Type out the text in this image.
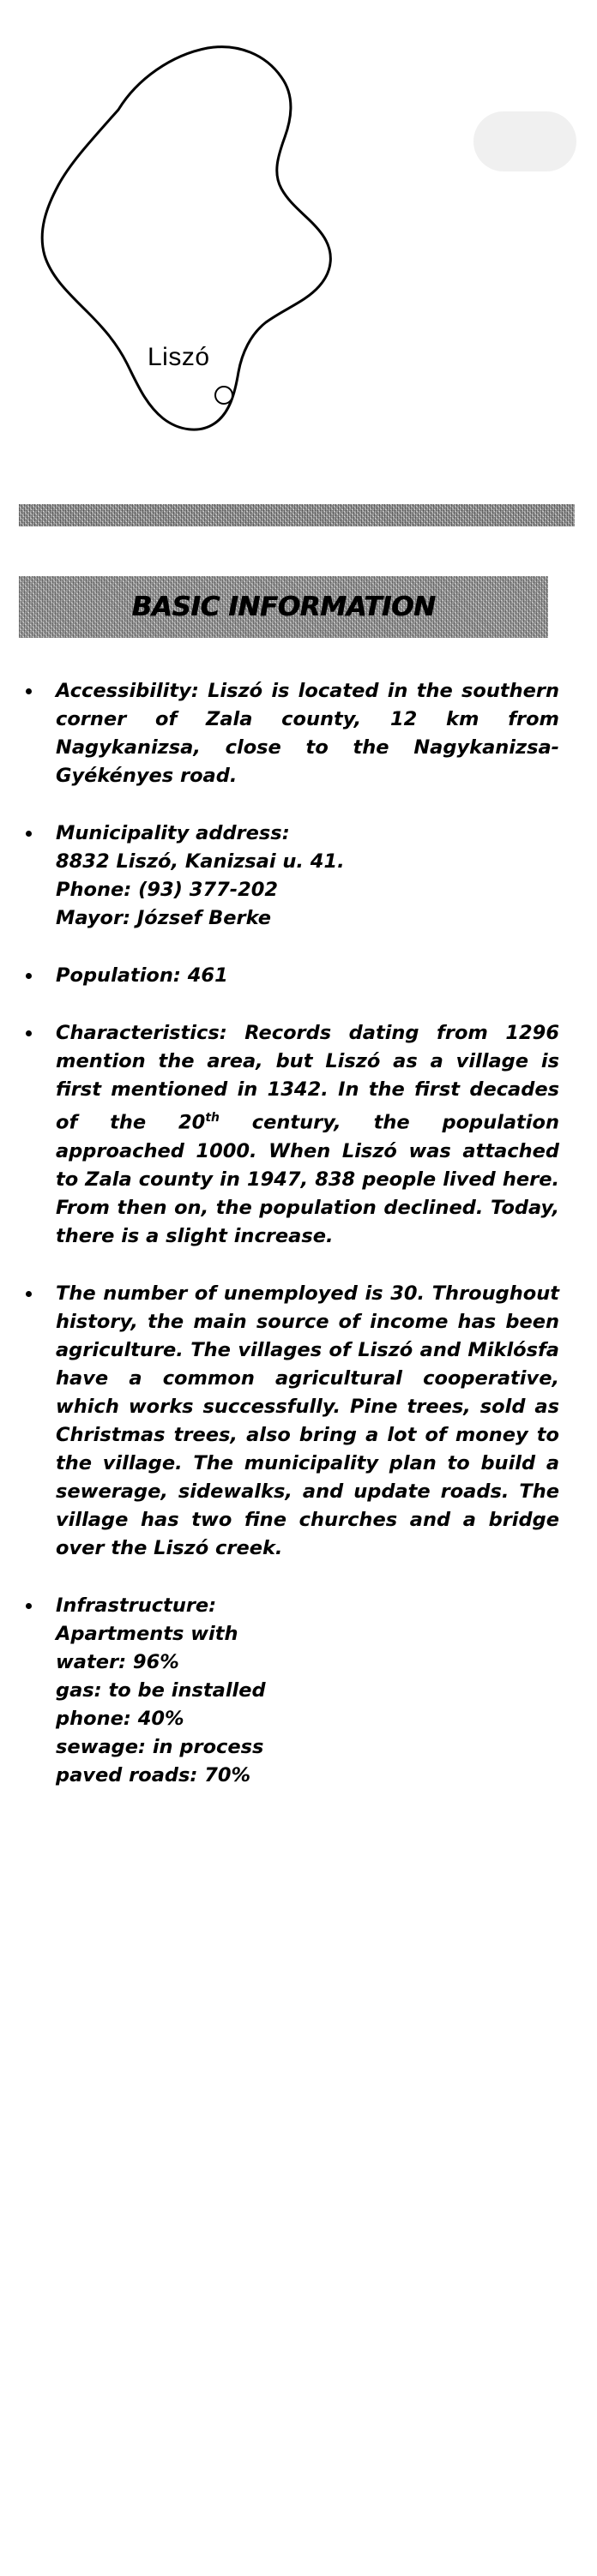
Liszó
BASIC INFORMATION

Accessibility: Liszó is located in the southern corner of Zala county, 12 km from Nagykanizsa, close to the Nagykanizsa-Gyékényes road.

Municipality address:
8832 Liszó, Kanizsai u. 41.
Phone: (93) 377-202
Mayor: József Berke

Population: 461

Characteristics: Records dating from 1296 mention the area, but Liszó as a village is first mentioned in 1342. In the first decades of the 20th century, the population approached 1000. When Liszó was attached to Zala county in 1947, 838 people lived here. From then on, the population declined. Today, there is a slight increase.

The number of unemployed is 30. Throughout history, the main source of income has been agriculture. The villages of Liszó and Miklósfa have a common agricultural cooperative, which works successfully. Pine trees, sold as Christmas trees, also bring a lot of money to the village. The municipality plan to build a sewerage, sidewalks, and update roads. The village has two fine churches and a bridge over the Liszó creek.

Infrastructure:
Apartments with
water: 96%
gas: to be installed
phone: 40%
sewage: in process
paved roads: 70%
